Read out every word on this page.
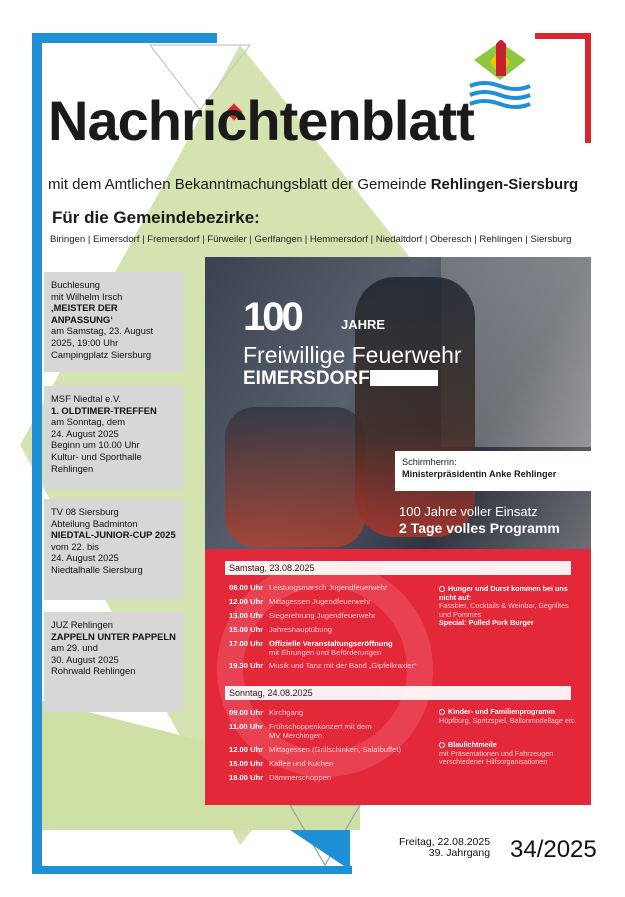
Nachrichtenblatt
mit dem Amtlichen Bekanntmachungsblatt der Gemeinde Rehlingen-Siersburg
Für die Gemeindebezirke:
Biringen | Eimersdorf | Fremersdorf | Fürweiler | Gerlfangen | Hemmersdorf | Niedaltdorf | Oberesch | Rehlingen | Siersburg
Buchlesung
mit Wilhelm Irsch
‚MEISTER DER ANPASSUNG‘
am Samstag, 23. August
2025, 19:00 Uhr
Campingplatz Siersburg
MSF Niedtal e.V.
1. OLDTIMER-TREFFEN
am Sonntag, dem
24. August 2025
Beginn um 10.00 Uhr
Kultur- und Sporthalle
Rehlingen
TV 08 Siersburg
Abteilung Badminton
NIEDTAL-JUNIOR-CUP 2025
vom 22. bis
24. August 2025
Niedtalhalle Siersburg
JUZ Rehlingen
ZAPPELN UNTER PAPPELN
am 29. und
30. August 2025
Rohrwald Rehlingen
100	JAHRE
Freiwillige Feuerwehr
EIMERSDORF
Schirmherrin:
Ministerpräsidentin Anke Rehlinger
100 Jahre voller Einsatz
2 Tage volles Programm
Samstag, 23.08.2025
08.00 Uhr Leistungsmarsch Jugendfeuerwehr
12.00 Uhr Mittagessen Jugendfeuerwehr
13.00 Uhr Siegerehrung Jugendfeuerwehr
15.00 Uhr Jahreshauptübung
17.00 Uhr Offizielle Veranstaltungseröffnung
mit Ehrungen und Beförderungen
19.30 Uhr Musik und Tanz mit der Band „Gipfelkraxler“
Hunger und Durst kommen bei uns nicht auf:
Fassbier, Cocktails & Weinbar, Gegrilltes und Pommes
Special: Pulled Pork Burger
Sonntag, 24.08.2025
09.00 Uhr Kirchgang
11.00 Uhr Frühschoppenkonzert mit dem
MV Merchingen
12.00 Uhr Mittagessen (Grillschinken, Salatbuffet)
15.00 Uhr Kaffee und Kuchen
18.00 Uhr Dämmerschoppen
Kinder- und Familienprogramm
Hüpfburg, Spritzspiel, Ballonmodellage etc.
Blaulichtmeile
mit Präsentationen und Fahrzeugen verschiedener Hilfsorganisationen
Freitag, 22.08.2025
39. Jahrgang 34/2025
